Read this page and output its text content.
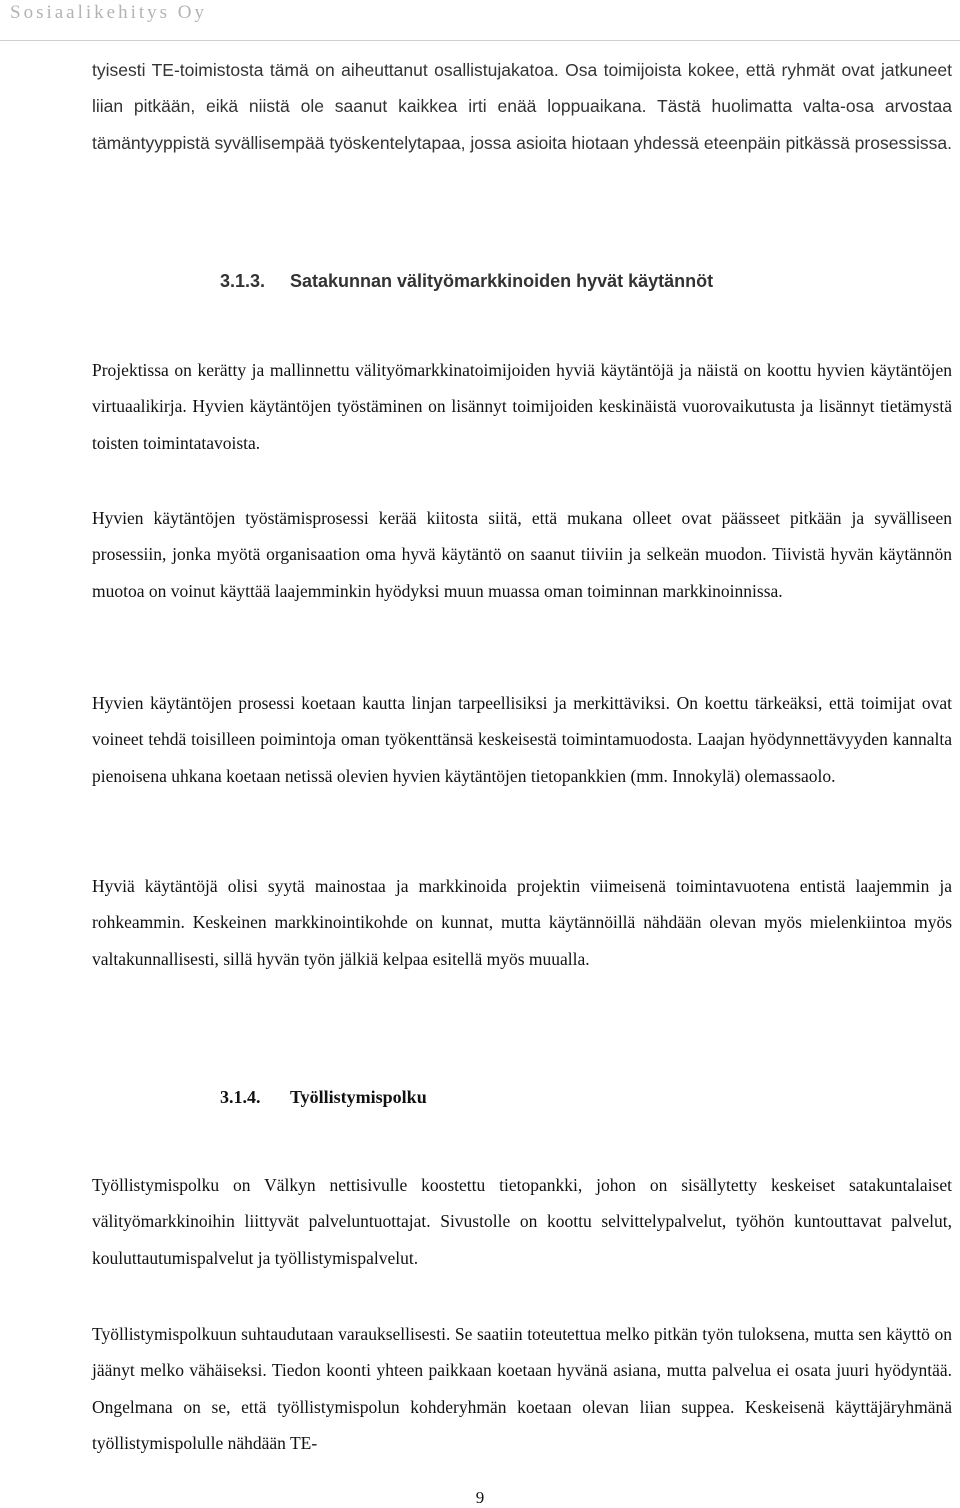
Sosiaalikehitys Oy

tyisesti TE-toimistosta tämä on aiheuttanut osallistujakatoa. Osa toimijoista kokee, että ryhmät ovat jatkuneet liian pitkään, eikä niistä ole saanut kaikkea irti enää loppuaikana. Tästä huolimatta valta-osa arvostaa tämäntyyppistä syvällisempää työskentelytapaa, jossa asioita hiotaan yhdessä eteenpäin pitkässä prosessissa.

3.1.3. Satakunnan välityömarkkinoiden hyvät käytännöt

Projektissa on kerätty ja mallinnettu välityömarkkinatoimijoiden hyviä käytäntöjä ja näistä on koottu hyvien käytäntöjen virtuaalikirja. Hyvien käytäntöjen työstäminen on lisännyt toimijoiden keskinäistä vuorovaikutusta ja lisännyt tietämystä toisten toimintatavoista.

Hyvien käytäntöjen työstämisprosessi kerää kiitosta siitä, että mukana olleet ovat päässeet pitkään ja syvälliseen prosessiin, jonka myötä organisaation oma hyvä käytäntö on saanut tiiviin ja selkeän muodon. Tiivistä hyvän käytännön muotoa on voinut käyttää laajemminkin hyödyksi muun muassa oman toiminnan markkinoinnissa.

Hyvien käytäntöjen prosessi koetaan kautta linjan tarpeellisiksi ja merkittäviksi. On koettu tärkeäksi, että toimijat ovat voineet tehdä toisilleen poimintoja oman työkenttänsä keskeisestä toimintamuodosta. Laajan hyödynnettävyyden kannalta pienoisena uhkana koetaan netissä olevien hyvien käytäntöjen tietopankkien (mm. Innokylä) olemassaolo.

Hyviä käytäntöjä olisi syytä mainostaa ja markkinoida projektin viimeisenä toimintavuotena entistä laajemmin ja rohkeammin. Keskeinen markkinointikohde on kunnat, mutta käytännöillä nähdään olevan myös mielenkiintoa myös valtakunnallisesti, sillä hyvän työn jälkiä kelpaa esitellä myös muualla.

3.1.4. Työllistymispolku

Työllistymispolku on Välkyn nettisivulle koostettu tietopankki, johon on sisällytetty keskeiset satakuntalaiset välityömarkkinoihin liittyvät palveluntuottajat. Sivustolle on koottu selvittelypalvelut, työhön kuntouttavat palvelut, kouluttautumispalvelut ja työllistymispalvelut.

Työllistymispolkuun suhtaudutaan varauksellisesti. Se saatiin toteutettua melko pitkän työn tuloksena, mutta sen käyttö on jäänyt melko vähäiseksi. Tiedon koonti yhteen paikkaan koetaan hyvänä asiana, mutta palvelua ei osata juuri hyödyntää. Ongelmana on se, että työllistymispolun kohderyhmän koetaan olevan liian suppea. Keskeisenä käyttäjäryhmänä työllistymispolulle nähdään TE-

9
